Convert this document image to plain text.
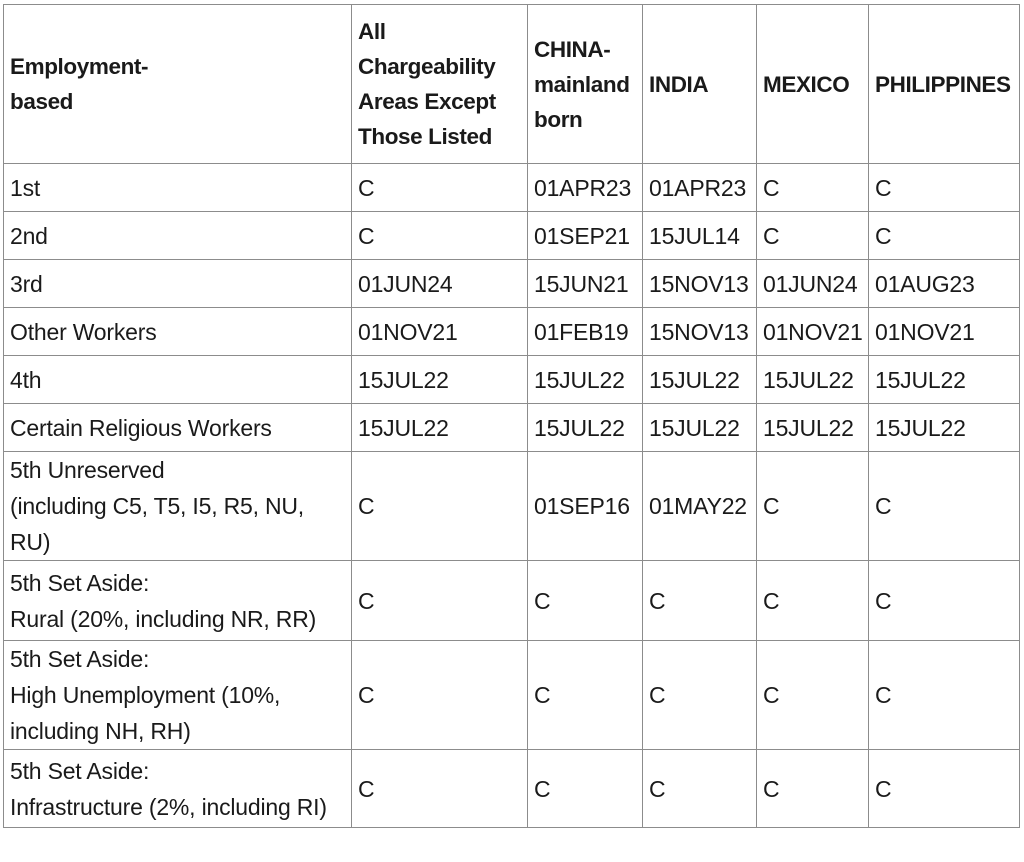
Employment-
based	All
Chargeability
Areas Except
Those Listed	CHINA-
mainland
born	INDIA	MEXICO	PHILIPPINES
1st	C	01APR23	01APR23	C	C
2nd	C	01SEP21	15JUL14	C	C
3rd	01JUN24	15JUN21	15NOV13	01JUN24	01AUG23
Other Workers	01NOV21	01FEB19	15NOV13	01NOV21	01NOV21
4th	15JUL22	15JUL22	15JUL22	15JUL22	15JUL22
Certain Religious Workers	15JUL22	15JUL22	15JUL22	15JUL22	15JUL22
5th Unreserved
(including C5, T5, I5, R5, NU,
RU)	C	01SEP16	01MAY22	C	C
5th Set Aside:
Rural (20%, including NR, RR)	C	C	C	C	C
5th Set Aside:
High Unemployment (10%,
including NH, RH)	C	C	C	C	C
5th Set Aside:
Infrastructure (2%, including RI)	C	C	C	C	C
